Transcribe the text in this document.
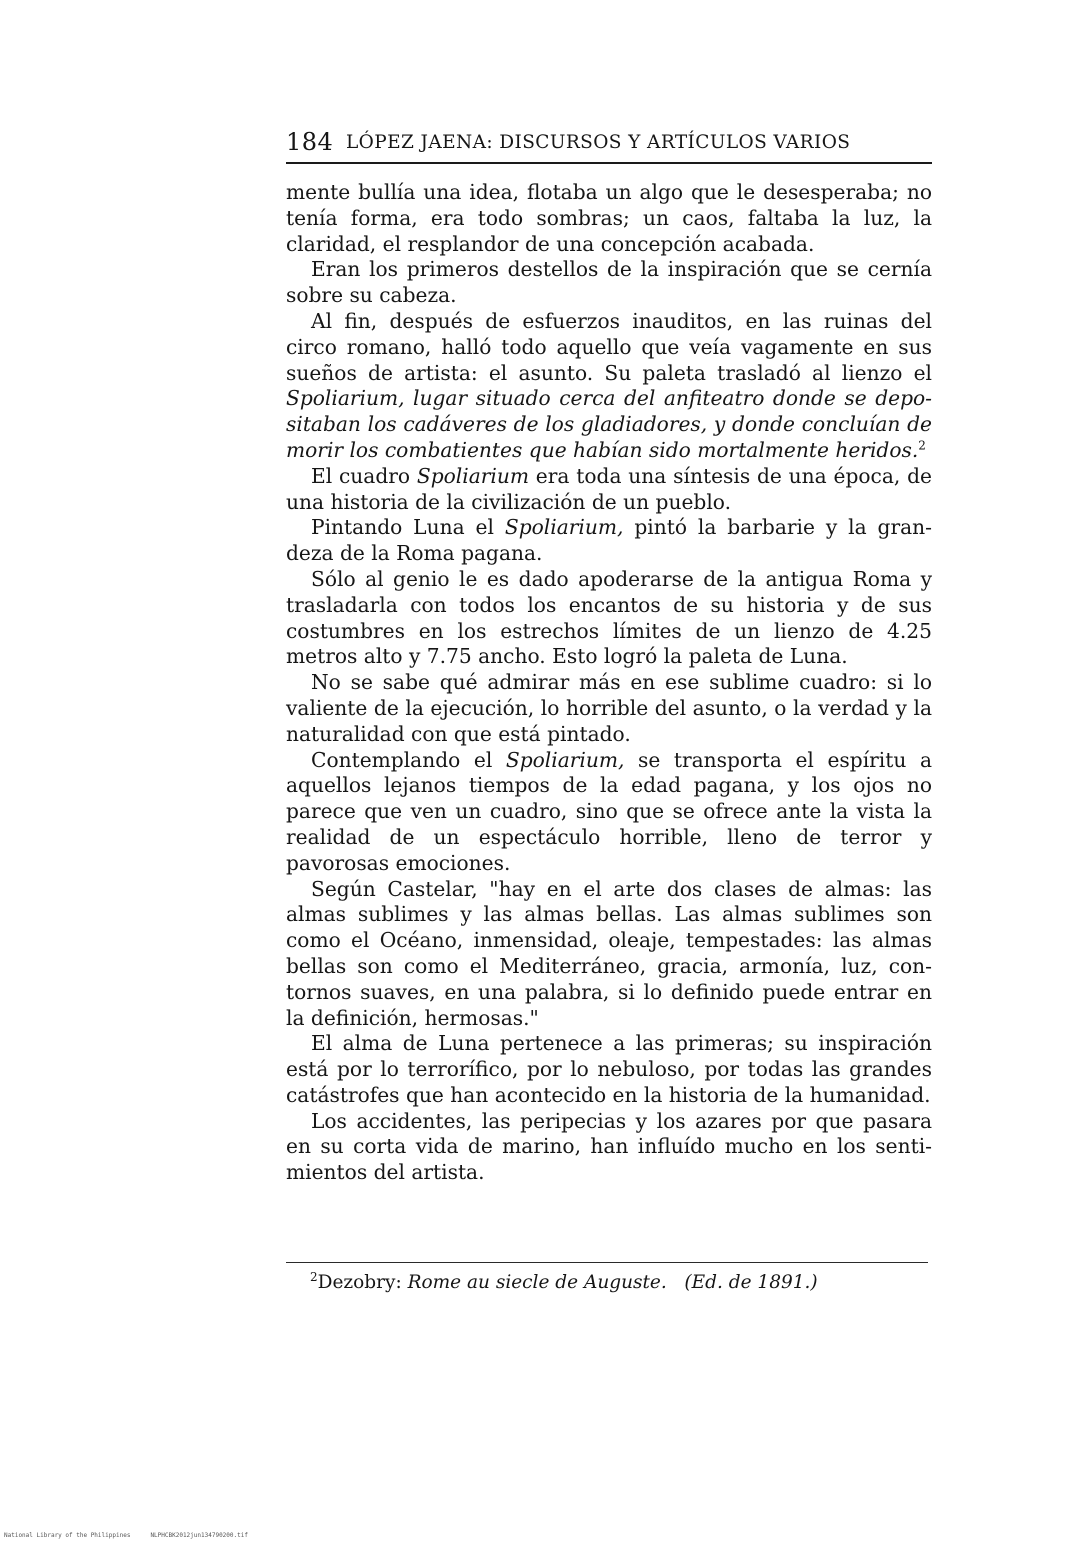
184 LÓPEZ JAENA: DISCURSOS Y ARTÍCULOS VARIOS

mente bullía una idea, flotaba un algo que le desesperaba; no tenía forma, era todo sombras; un caos, faltaba la luz, la claridad, el resplandor de una concepción acabada.

Eran los primeros destellos de la inspiración que se cernía sobre su cabeza.

Al fin, después de esfuerzos inauditos, en las ruinas del circo romano, halló todo aquello que veía vagamente en sus sueños de artista: el asunto. Su paleta trasladó al lienzo el Spoliarium, lugar situado cerca del anfiteatro donde se depositaban los cadáveres de los gladiadores, y donde concluían de morir los combatientes que habían sido mortalmente heridos.$^2$

El cuadro Spoliarium era toda una síntesis de una época, de una historia de la civilización de un pueblo.

Pintando Luna el Spoliarium, pintó la barbarie y la grandeza de la Roma pagana.

Sólo al genio le es dado apoderarse de la antigua Roma y trasladarla con todos los encantos de su historia y de sus costumbres en los estrechos límites de un lienzo de 4.25 metros alto y 7.75 ancho. Esto logró la paleta de Luna.

No se sabe qué admirar más en ese sublime cuadro: si lo valiente de la ejecución, lo horrible del asunto, o la verdad y la naturalidad con que está pintado.

Contemplando el Spoliarium, se transporta el espíritu a aquellos lejanos tiempos de la edad pagana, y los ojos no parece que ven un cuadro, sino que se ofrece ante la vista la realidad de un espectáculo horrible, lleno de terror y pavorosas emociones.

Según Castelar, "hay en el arte dos clases de almas: las almas sublimes y las almas bellas. Las almas sublimes son como el Océano, inmensidad, oleaje, tempestades: las almas bellas son como el Mediterráneo, gracia, armonía, luz, contornos suaves, en una palabra, si lo definido puede entrar en la definición, hermosas."

El alma de Luna pertenece a las primeras; su inspiración está por lo terrorífico, por lo nebuloso, por todas las grandes catástrofes que han acontecido en la historia de la humanidad.

Los accidentes, las peripecias y los azares por que pasara en su corta vida de marino, han influído mucho en los sentimientos del artista.

$^2$Dezobry: Rome au siecle de Auguste. (Ed. de 1891.)
National Library of the Philippines	NLPHCBK2012jun134790200.tif
